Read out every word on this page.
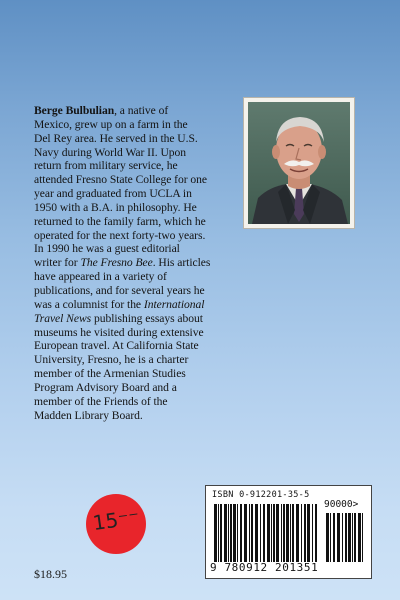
Berge Bulbulian, a native of
Mexico, grew up on a farm in the
Del Rey area. He served in the U.S.
Navy during World War II. Upon
return from military service, he
attended Fresno State College for one
year and graduated from UCLA in
1950 with a B.A. in philosophy. He
returned to the family farm, which he
operated for the next forty-two years.
In 1990 he was a guest editorial
writer for The Fresno Bee. His articles
have appeared in a variety of
publications, and for several years he
was a columnist for the International
Travel News publishing essays about
museums he visited during extensive
European travel. At California State
University, Fresno, he is a charter
member of the Armenian Studies
Program Advisory Board and a
member of the Friends of the
Madden Library Board.
15⁻⁻
$18.95
ISBN 0-912201-35-5
90000>
9 780912 201351
